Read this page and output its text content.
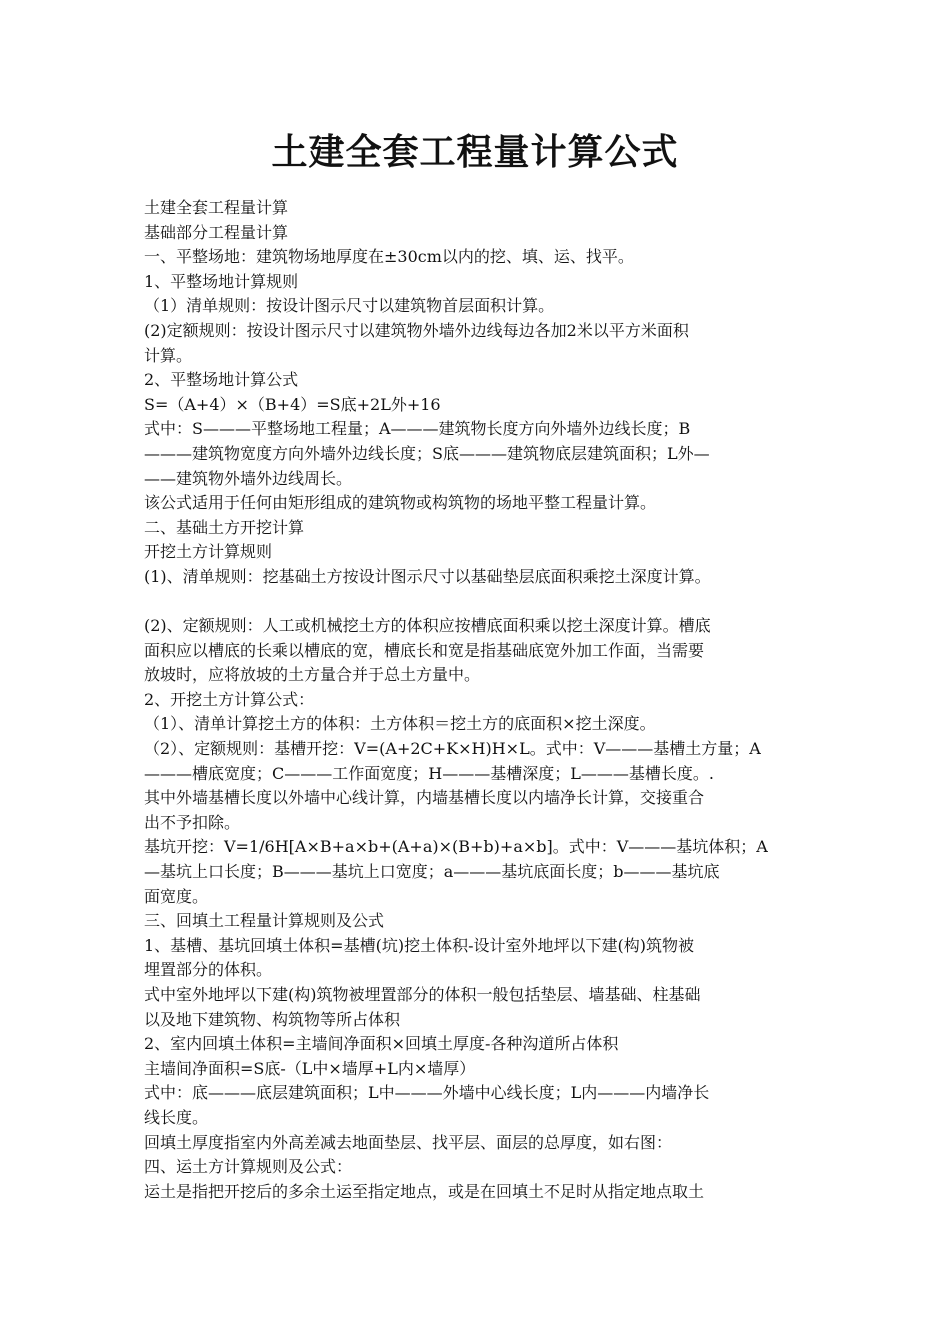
土建全套工程量计算公式

土建全套工程量计算

基础部分工程量计算

一、平整场地：建筑物场地厚度在±30cm以内的挖、填、运、找平。

1、平整场地计算规则

（1）清单规则：按设计图示尺寸以建筑物首层面积计算。

(2)定额规则：按设计图示尺寸以建筑物外墙外边线每边各加2米以平方米面积

计算。

2、平整场地计算公式

S=（A+4）×（B+4）=S底+2L外+16

式中：S———平整场地工程量；A———建筑物长度方向外墙外边线长度；B

———建筑物宽度方向外墙外边线长度；S底———建筑物底层建筑面积；L外—

——建筑物外墙外边线周长。

该公式适用于任何由矩形组成的建筑物或构筑物的场地平整工程量计算。

二、基础土方开挖计算

开挖土方计算规则

(1)、清单规则：挖基础土方按设计图示尺寸以基础垫层底面积乘挖土深度计算。

(2)、定额规则：人工或机械挖土方的体积应按槽底面积乘以挖土深度计算。槽底

面积应以槽底的长乘以槽底的宽，槽底长和宽是指基础底宽外加工作面，当需要

放坡时，应将放坡的土方量合并于总土方量中。

2、开挖土方计算公式：

（1）、清单计算挖土方的体积：土方体积＝挖土方的底面积×挖土深度。

（2）、定额规则：基槽开挖：V=(A+2C+K×H)H×L。式中：V———基槽土方量；A

———槽底宽度；C———工作面宽度；H———基槽深度；L———基槽长度。.

其中外墙基槽长度以外墙中心线计算，内墙基槽长度以内墙净长计算，交接重合

出不予扣除。

基坑开挖：V=1/6H[A×B+a×b+(A+a)×(B+b)+a×b]。式中：V———基坑体积；A

—基坑上口长度；B———基坑上口宽度；a———基坑底面长度；b———基坑底

面宽度。

三、回填土工程量计算规则及公式

1、基槽、基坑回填土体积=基槽(坑)挖土体积-设计室外地坪以下建(构)筑物被

埋置部分的体积。

式中室外地坪以下建(构)筑物被埋置部分的体积一般包括垫层、墙基础、柱基础

以及地下建筑物、构筑物等所占体积

2、室内回填土体积=主墙间净面积×回填土厚度-各种沟道所占体积

主墙间净面积=S底-（L中×墙厚+L内×墙厚）

式中：底———底层建筑面积；L中———外墙中心线长度；L内———内墙净长

线长度。

回填土厚度指室内外高差减去地面垫层、找平层、面层的总厚度，如右图：

四、运土方计算规则及公式：

运土是指把开挖后的多余土运至指定地点，或是在回填土不足时从指定地点取土
